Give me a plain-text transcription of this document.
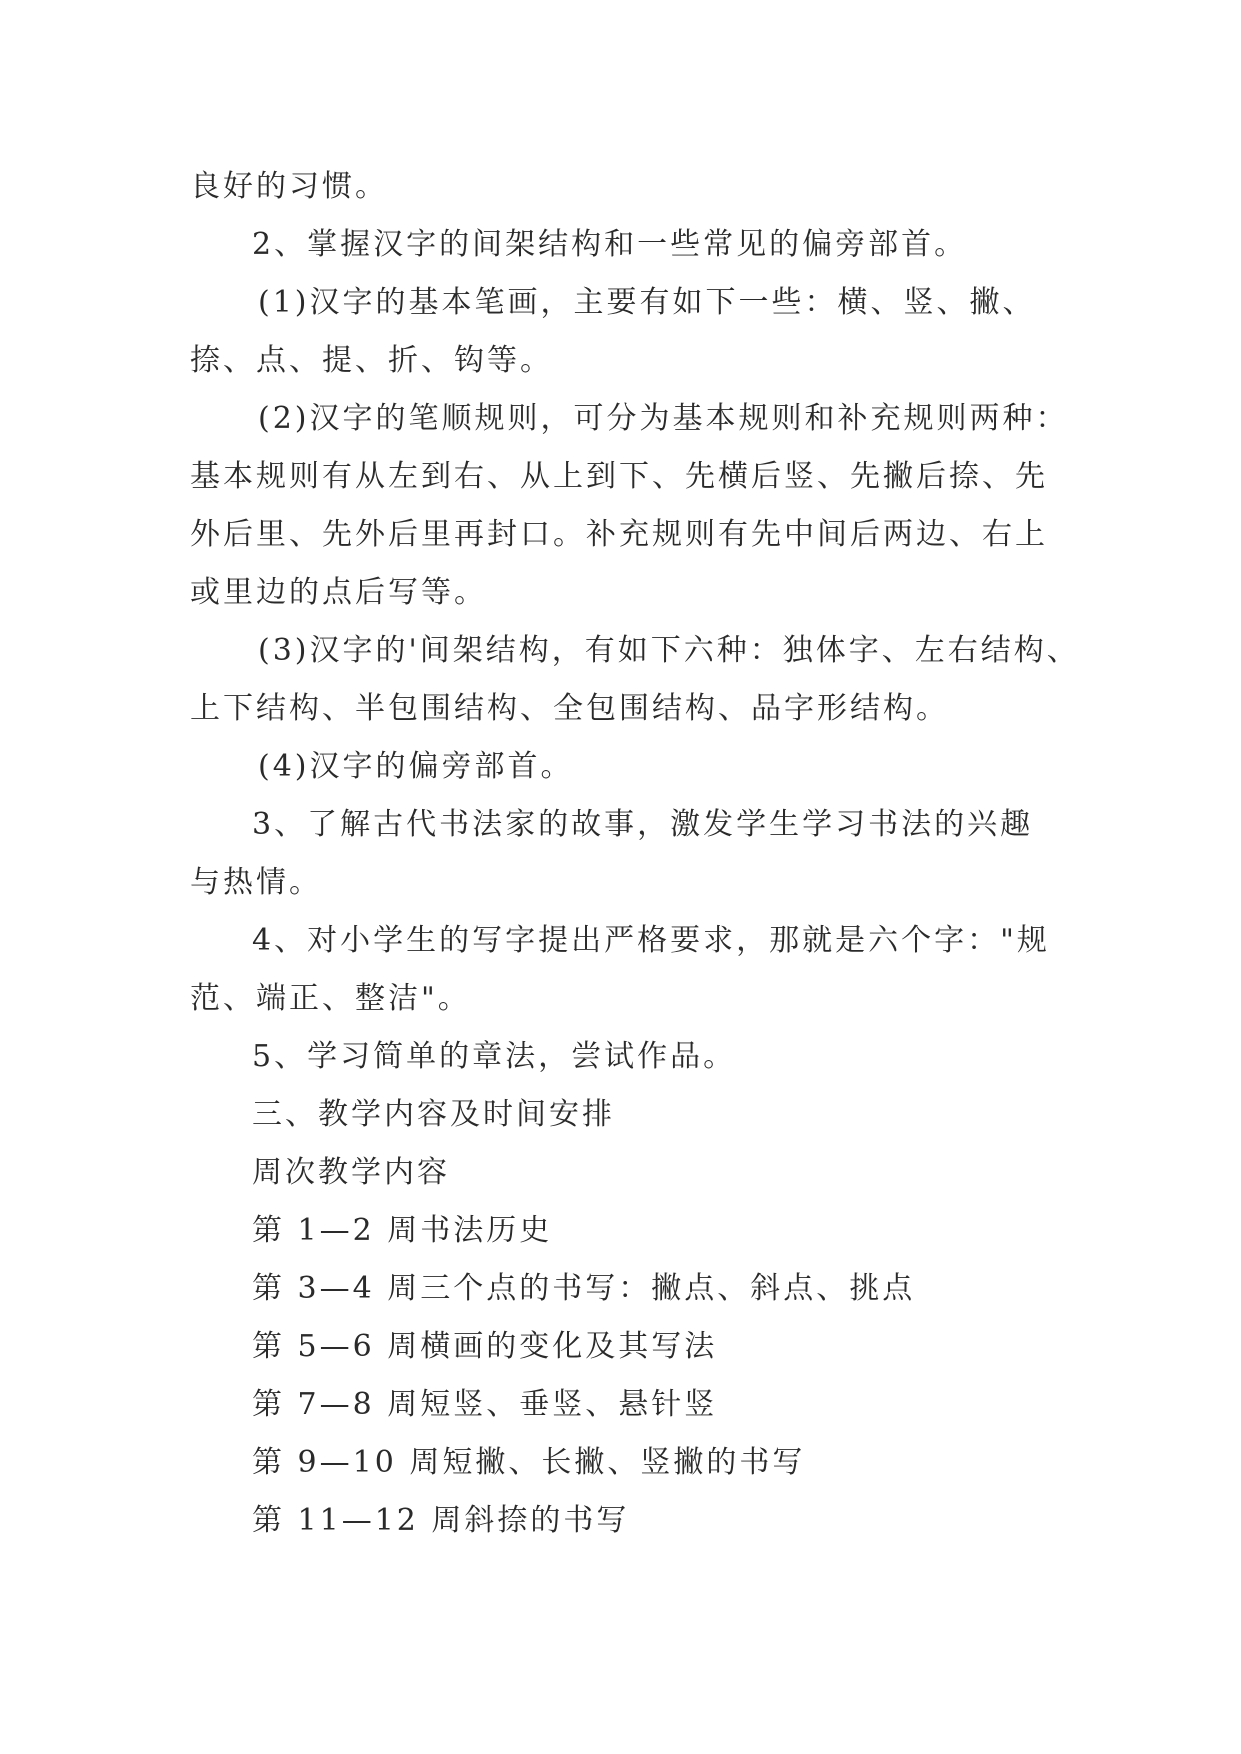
良好的习惯。
2、掌握汉字的间架结构和一些常见的偏旁部首。
(1)汉字的基本笔画，主要有如下一些：横、竖、撇、
捺、点、提、折、钩等。
(2)汉字的笔顺规则，可分为基本规则和补充规则两种：
基本规则有从左到右、从上到下、先横后竖、先撇后捺、先
外后里、先外后里再封口。补充规则有先中间后两边、右上
或里边的点后写等。
(3)汉字的'间架结构，有如下六种：独体字、左右结构、
上下结构、半包围结构、全包围结构、品字形结构。
(4)汉字的偏旁部首。
3、了解古代书法家的故事，激发学生学习书法的兴趣
与热情。
4、对小学生的写字提出严格要求，那就是六个字："规
范、端正、整洁"。
5、学习简单的章法，尝试作品。
三、教学内容及时间安排
周次教学内容
第 1—2 周书法历史
第 3—4 周三个点的书写：撇点、斜点、挑点
第 5—6 周横画的变化及其写法
第 7—8 周短竖、垂竖、悬针竖
第 9—10 周短撇、长撇、竖撇的书写
第 11—12 周斜捺的书写
